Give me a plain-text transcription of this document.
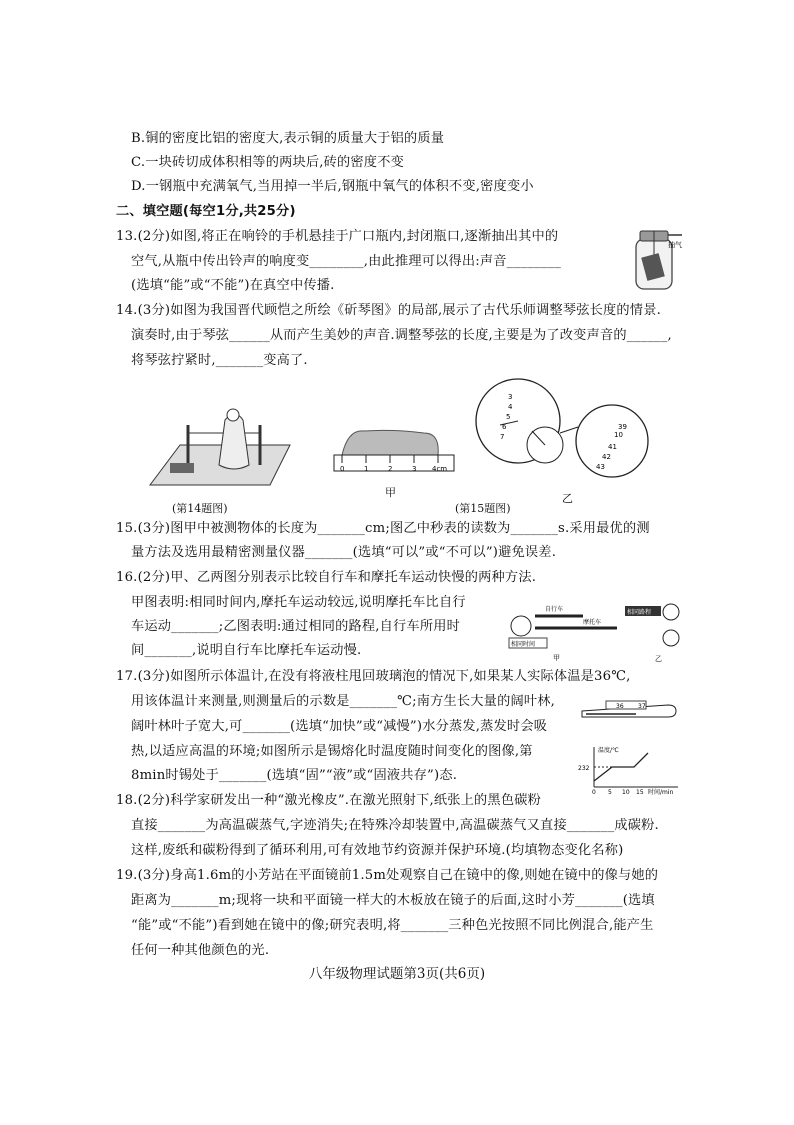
B.铜的密度比铝的密度大,表示铜的质量大于铝的质量
C.一块砖切成体积相等的两块后,砖的密度不变
D.一钢瓶中充满氧气,当用掉一半后,钢瓶中氧气的体积不变,密度变小
二、填空题(每空1分,共25分)
13.(2分)如图,将正在响铃的手机悬挂于广口瓶内,封闭瓶口,逐渐抽出其中的
空气,从瓶中传出铃声的响度变________,由此推理可以得出:声音________
(选填“能”或“不能”)在真空中传播.
14.(3分)如图为我国晋代顾恺之所绘《斫琴图》的局部,展示了古代乐师调整琴弦长度的情景.
演奏时,由于琴弦______从而产生美妙的声音.调整琴弦的长度,主要是为了改变声音的______,
将琴弦拧紧时,_______变高了.
15.(3分)图甲中被测物体的长度为_______cm;图乙中秒表的读数为_______s.采用最优的测
量方法及选用最精密测量仪器_______(选填“可以”或“不可以”)避免误差.
16.(2分)甲、乙两图分别表示比较自行车和摩托车运动快慢的两种方法.
甲图表明:相同时间内,摩托车运动较远,说明摩托车比自行
车运动_______;乙图表明:通过相同的路程,自行车所用时
间_______,说明自行车比摩托车运动慢.
17.(3分)如图所示体温计,在没有将液柱甩回玻璃泡的情况下,如果某人实际体温是36℃,
用该体温计来测量,则测量后的示数是_______℃;南方生长大量的阔叶林,
阔叶林叶子宽大,可_______(选填“加快”或“减慢”)水分蒸发,蒸发时会吸
热,以适应高温的环境;如图所示是锡熔化时温度随时间变化的图像,第
8min时锡处于_______(选填“固”“液”或“固液共存”)态.
18.(2分)科学家研发出一种“激光橡皮”.在激光照射下,纸张上的黑色碳粉
直接_______为高温碳蒸气,字迹消失;在特殊冷却装置中,高温碳蒸气又直接_______成碳粉.
这样,废纸和碳粉得到了循环利用,可有效地节约资源并保护环境.(均填物态变化名称)
19.(3分)身高1.6m的小芳站在平面镜前1.5m处观察自己在镜中的像,则她在镜中的像与她的
距离为_______m;现将一块和平面镜一样大的木板放在镜子的后面,这时小芳_______(选填
“能”或“不能”)看到她在镜中的像;研究表明,将_______三种色光按照不同比例混合,能产生
任何一种其他颜色的光.
八年级物理试题第3页(共6页)
抽气
(第14题图)
0	1	2	3 4cm
甲
(第15题图)
3
4
5
6
7
39
10
41
42
43
乙
自行车
摩托车
相同时间
甲
相同路程
乙
36 37
温度/℃
232
0 5 10 15 时间/min
